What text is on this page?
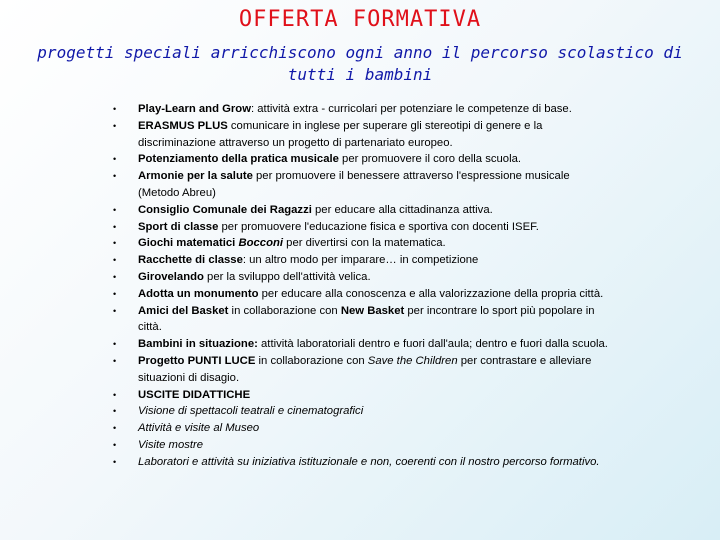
OFFERTA FORMATIVA
progetti speciali arricchiscono ogni anno il percorso scolastico di tutti i bambini
• Play-Learn and Grow: attività extra - curricolari per potenziare le competenze di base.
• ERASMUS PLUS comunicare in inglese per superare gli stereotipi di genere e la discriminazione attraverso un progetto di partenariato europeo.
• Potenziamento della pratica musicale per promuovere il coro della scuola.
• Armonie per la salute per promuovere il benessere attraverso l'espressione musicale (Metodo Abreu)
• Consiglio Comunale dei Ragazzi per educare alla cittadinanza attiva.
• Sport di classe per promuovere l'educazione fisica e sportiva con docenti ISEF.
• Giochi matematici Bocconi per divertirsi con la matematica.
• Racchette di classe: un altro modo per imparare… in competizione
• Girovelando per la sviluppo dell'attività velica.
• Adotta un monumento per educare alla conoscenza e alla valorizzazione della propria città.
• Amici del Basket in collaborazione con New Basket per incontrare lo sport più popolare in città.
• Bambini in situazione: attività laboratoriali dentro e fuori dall'aula; dentro e fuori dalla scuola.
• Progetto PUNTI LUCE in collaborazione con Save the Children per contrastare e alleviare situazioni di disagio.
• USCITE DIDATTICHE
• Visione di spettacoli teatrali e cinematografici
• Attività e visite al Museo
• Visite mostre
• Laboratori e attività su iniziativa istituzionale e non, coerenti con il nostro percorso formativo.
